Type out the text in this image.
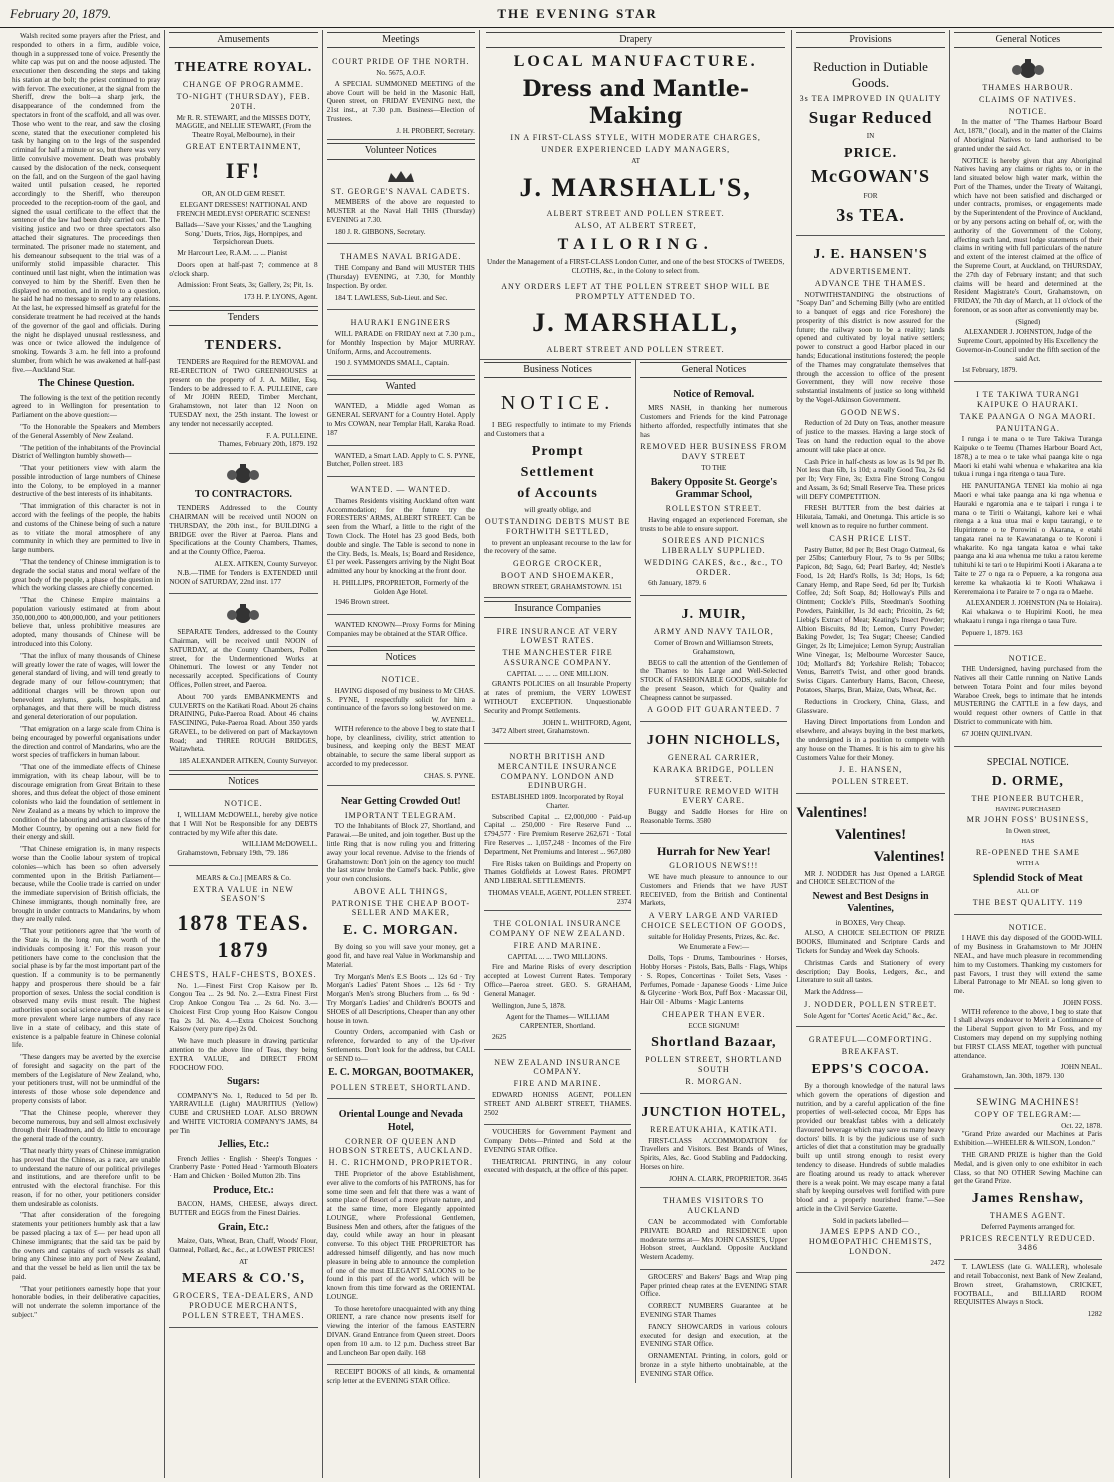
February 20, 1879.	THE EVENING STAR

Walsh recited some prayers after the Priest, and responded to others in a firm, audible voice, though in a suppressed tone of voice. Presently the white cap was put on and the noose adjusted. The executioner then descending the steps and taking his station at the bolt; the priest continued to pray with fervor. The executioner, at the signal from the Sheriff, drew the bolt—a sharp jerk, the disappearance of the condemned from the spectators in front of the scaffold, and all was over. Those who went to the rear, and saw the closing scene, stated that the executioner completed his task by hanging on to the legs of the suspended criminal for half a minute or so, but there was very little convulsive movement. Death was probably caused by the dislocation of the neck, consequent on the fall, and on the Surgeon of the gaol having waited until pulsation ceased, he reported accordingly to the Sheriff, who thereupon proceeded to the reception-room of the gaol, and signed the usual certificate to the effect that the sentence of the law had been duly carried out. The visiting justice and two or three spectators also attached their signatures. The proceedings then terminated. The prisoner made no statement, and his demeanour subsequent to the trial was of a uniformly stolid impassible character. This continued until last night, when the intimation was conveyed to him by the Sheriff. Even then he displayed no emotion, and in reply to a question, he said he had no message to send to any relations. At the last, he expressed himself as grateful for the considerate treatment he had received at the hands of the governor of the gaol and officials. During the night he displayed unusual restlessness, and was once or twice allowed the indulgence of smoking. Towards 3 a.m. he fell into a profound slumber, from which he was awakened at half-past five.—Auckland Star.

The Chinese Question.

The following is the text of the petition recently agreed to in Wellington for presentation to Parliament on the above question:—

"To the Honorable the Speakers and Members of the General Assembly of New Zealand.

"The petition of the inhabitants of the Provincial District of Wellington humbly showeth—

"That your petitioners view with alarm the possible introduction of large numbers of Chinese into the Colony, to be employed in a manner destructive of the best interests of its inhabitants.

"That immigration of this character is not in accord with the feelings of the people, the habits and customs of the Chinese being of such a nature as to vitiate the moral atmosphere of any community in which they are permitted to live in large numbers.

"That the tendency of Chinese immigration is to degrade the social status and moral welfare of the great body of the people, a phase of the question in which the working classes are chiefly concerned.

"That the Chinese Empire maintains a population variously estimated at from about 350,000,000 to 400,000,000, and your petitioners believe that, unless prohibitive measures are adopted, many thousands of Chinese will be introduced into this Colony.

"That the influx of many thousands of Chinese will greatly lower the rate of wages, will lower the general standard of living, and will tend greatly to degrade many of our fellow-countrymen; that additional charges will be thrown upon our benevolent asylums, gaols, hospitals, and orphanages, and that there will be much distress and general deterioration of our population.

"That emigration on a large scale from China is being encouraged by powerful organisations under the direction and control of Mandarins, who are the worst species of traffickers in human labour.

"That one of the immediate effects of Chinese immigration, with its cheap labour, will be to discourage emigration from Great Britain to these shores, and thus defeat the object of those eminent colonists who laid the foundation of settlement in New Zealand as a means by which to improve the condition of the labouring and artisan classes of the Mother Country, by opening out a new field for their energy and skill.

"That Chinese emigration is, in many respects worse than the Coolie labour system of tropical colonies—which has been so often adversely commented upon in the British Parliament—because, while the Coolie trade is carried on under the immediate supervision of British officials, the Chinese immigrants, though nominally free, are brought in under contracts to Mandarins, by whom they are really ruled.

"That your petitioners agree that 'the worth of the State is, in the long run, the worth of the individuals composing it.' For this reason your petitioners have come to the conclusion that the social phase is by far the most important part of the question. If a community is to be permanently happy and prosperous there should be a fair proportion of sexes. Unless the social condition is observed many evils must result. The highest authorities upon social science agree that disease is more prevalent where large numbers of any race live in a state of celibacy, and this state of existence is a palpable feature in Chinese colonial life.

"These dangers may be averted by the exercise of foresight and sagacity on the part of the members of the Legislature of New Zealand, who, your petitioners trust, will not be unmindful of the interests of those whose sole dependence and property consists of labor.

"That the Chinese people, wherever they become numerous, buy and sell almost exclusively through their Headmen, and do little to encourage the general trade of the country.

"That nearly thirty years of Chinese immigration has proved that the Chinese, as a race, are unable to understand the nature of our political privileges and institutions, and are therefore unfit to be entrusted with the electoral franchise. For this reason, if for no other, your petitioners consider them undesirable as colonists.

"That after consideration of the foregoing statements your petitioners humbly ask that a law be passed placing a tax of £— per head upon all Chinese immigrants; that the said tax be paid by the owners and captains of such vessels as shall bring any Chinese into any port of New Zealand, and that the vessel be held as lien until the tax be paid.

"That your petitioners earnestly hope that your honorable bodies, in their deliberative capacities, will not underrate the solemn importance of the subject."

Amusements
THEATRE ROYAL.
CHANGE OF PROGRAMME.
TO-NIGHT (THURSDAY), FEB. 20TH.
Mr R. R. STEWART, and the MISSES DOTY, MAGGIE, and NELLIE STEWART, (From the Theatre Royal, Melbourne), in their
GREAT ENTERTAINMENT,
IF!
OR, AN OLD GEM RESET.
ELEGANT DRESSES! NATTIONAL AND FRENCH MEDLEYS! OPERATIC SCENES!
Ballads—'Save your Kisses,' and the 'Laughing Song.' Duets, Trios, Jigs, Hornpipes, and Terpsichorean Duets.
Mr Harcourt Lee, R.A.M. ... ... Pianist
Doors open at half-past 7; commence at 8 o'clock sharp.
Admission: Front Seats, 3s; Gallery, 2s; Pit, 1s.
173 H. P. LYONS, Agent.
Tenders
TENDERS.

TENDERS are Required for the REMOVAL and RE-ERECTION of TWO GREENHOUSES at present on the property of J. A. Miller, Esq. Tenders to be addressed to F. A. PULLEINE, care of Mr JOHN REED, Timber Merchant, Grahamstown, not later than 12 Noon on TUESDAY next, the 25th instant. The lowest or any tender not necessarily accepted.

F. A. PULLEINE.
Thames, February 20th, 1879. 192
TO CONTRACTORS.

TENDERS Addressed to the County CHAIRMAN will be received until NOON on THURSDAY, the 20th inst., for BUILDING a BRIDGE over the River at Paeroa. Plans and Specifications at the County Chambers, Thames, and at the County Office, Paeroa.

ALEX. AITKEN, County Surveyor.

N.B.—TIME for Tenders is EXTENDED until NOON of SATURDAY, 22nd inst. 177

SEPARATE Tenders, addressed to the County Chairman, will be received until NOON of SATURDAY, at the County Chambers, Pollen street, for the Undermentioned Works at Ohinemuri. The lowest or any Tender not necessarily accepted. Specifications of County Offices, Pollen street, and Paeroa.

About 700 yards EMBANKMENTS and CULVERTS on the Katikati Road. About 26 chains DRAINING, Puke-Paeroa Road. About 46 chains FASCINING, Puke-Paeroa Road. About 350 yards GRAVEL, to be delivered on part of Mackaytown Road; and THREE ROUGH BRIDGES, Waitawheta.

185 ALEXANDER AITKEN, County Surveyor.
Notices
NOTICE.

I, WILLIAM McDOWELL, hereby give notice that I Will Not be Responsible for any DEBTS contracted by my Wife after this date.

WILLIAM McDOWELL.
Grahamstown, February 19th, '79. 186
MEARS & Co.] [MEARS & Co.
EXTRA VALUE in NEW SEASON'S
1878 TEAS. 1879
CHESTS, HALF-CHESTS, BOXES.

No. 1.—Finest First Crop Kaisow per lb. Congou Tea ... 2s 9d. No. 2.—Extra Finest First Crop Ankoe Congou Tea ... 2s 6d. No. 3.—Choicest First Crop young Hoo Kaisow Congou Tea 2s 3d. No. 4.—Extra Choicest Souchong Kaisow (very pure ripe) 2s 0d.

We have much pleasure in drawing particular attention to the above line of Teas, they being EXTRA VALUE, and DIRECT FROM FOOCHOW FOO.

Sugars:

COMPANY'S No. 1, Reduced to 5d per lb. YARRAVILLE (Light) MAURITIUS (Yellow) CUBE and CRUSHED LOAF. ALSO BROWN and WHITE VICTORIA COMPANY'S JAMS, 84 per Tin

Jellies, Etc.:

French Jellies · English · Sheep's Tongues · Cranberry Paste · Potted Head · Yarmouth Bloaters · Ham and Chicken · Boiled Mutton 2lb. Tins

Produce, Etc.:

BACON, HAMS, CHEESE, always direct. BUTTER and EGGS from the Finest Dairies.

Grain, Etc.:

Maize, Oats, Wheat, Bran, Chaff, Woods' Flour, Oatmeal, Pollard, &c., &c., at LOWEST PRICES!

AT
MEARS & CO.'S,
GROCERS, TEA-DEALERS, AND PRODUCE MERCHANTS, POLLEN STREET, THAMES.
Meetings
COURT PRIDE OF THE NORTH.
No. 5675, A.O.F.

A SPECIAL SUMMONED MEETING of the above Court will be held in the Masonic Hall, Queen street, on FRIDAY EVENING next, the 21st inst., at 7.30 p.m. Business—Election of Trustees.

J. H. PROBERT, Secretary.
Volunteer Notices
ST. GEORGE'S NAVAL CADETS.

MEMBERS of the above are requested to MUSTER at the Naval Hall THIS (Thursday) EVENING at 7.30.

180 J. R. GIBBONS, Secretary.
THAMES NAVAL BRIGADE.

THE Company and Band will MUSTER THIS (Thursday) EVENING, at 7.30, for Monthly Inspection. By order.

184 T. LAWLESS, Sub-Lieut. and Sec.
HAURAKI ENGINEERS

WILL PARADE on FRIDAY next at 7.30 p.m., for Monthly Inspection by Major MURRAY. Uniform, Arms, and Accoutrements.

190 J. SYMMONDS SMALL, Captain.
Wanted

WANTED, a Middle aged Woman as GENERAL SERVANT for a Country Hotel. Apply to Mrs COWAN, near Templar Hall, Karaka Road. 187

WANTED, a Smart LAD. Apply to C. S. PYNE, Butcher, Pollen street. 183

WANTED. — WANTED.

Thames Residents visiting Auckland often want Accommodation; for the future try the FORESTERS' ARMS, ALBERT STREET. Can be seen from the Wharf, a little to the right of the Town Clock. The Hotel has 23 good Beds, both double and single. The Table is second to none in the City. Beds, 1s. Meals, 1s; Board and Residence, £1 per week. Passengers arriving by the Night Boat admitted any hour by knocking at the front door.

H. PHILLIPS, PROPRIETOR, Formerly of the Golden Age Hotel.
1946 Brown street.

WANTED KNOWN—Proxy Forms for Mining Companies may be obtained at the STAR Office.

Notices
NOTICE.

HAVING disposed of my business to Mr CHAS. S. PYNE, I respectfully solicit for him a continuance of the favors so long bestowed on me.

W. AVENELL.

WITH reference to the above I beg to state that I hope, by cleanliness, civility, strict attention to business, and keeping only the BEST MEAT obtainable, to secure the same liberal support as accorded to my predecessor.

CHAS. S. PYNE.
Near Getting Crowded Out!
IMPORTANT TELEGRAM.

TO the Inhabitants of Block 27, Shortland, and Parawai.—Be united, and join together. Bust up the little Ring that is now ruling you and frittering away your local revenue. Advise to the friends of Grahamstown: Don't join on the agency too much! the last straw broke the Camel's back. Public, give your own conclusions.

ABOVE ALL THINGS,
PATRONISE THE CHEAP BOOT-SELLER AND MAKER,
E. C. MORGAN.

By doing so you will save your money, get a good fit, and have real Value in Workmanship and Material.

Try Morgan's Men's E.S Boots ... 12s 6d · Try Morgan's Ladies' Patent Shoes ... 12s 6d · Try Morgan's Men's strong Bluchers from ... 6s 9d · Try Morgan's Ladies' and Children's BOOTS and SHOES of all Descriptions, Cheaper than any other house in town.

Country Orders, accompanied with Cash or reference, forwarded to any of the Up-river Settlements. Don't look for the address, but CALL or SEND to—

E. C. MORGAN, BOOTMAKER,
POLLEN STREET, SHORTLAND.
Oriental Lounge and Nevada Hotel,
CORNER OF QUEEN AND HOBSON STREETS, AUCKLAND.
H. C. RICHMOND, PROPRIETOR.

THE Proprietor of the above Establishment, ever alive to the comforts of his PATRONS, has for some time seen and felt that there was a want of some place of Resort of a more private nature, and at the same time, more Elegantly appointed LOUNGE, where Professional Gentlemen, Business Men and others, after the fatigues of the day, could while away an hour in pleasant converse. To this object THE PROPRIETOR has addressed himself diligently, and has now much pleasure in being able to announce the completion of one of the most ELEGANT SALOONS to be found in this part of the world, which will be known from this time forward as the ORIENTAL LOUNGE.

To those heretofore unacquainted with any thing ORIENT, a rare chance now presents itself for viewing the interior of the famous EASTERN DIVAN. Grand Entrance from Queen street. Doors open from 10 a.m. to 12 p.m. Duchess street Bar and Luncheon Bar open daily. 168

RECEIPT BOOKS of all kinds, & ornamental scrip letter at the EVENING STAR Office.

Drapery
LOCAL MANUFACTURE.
Dress and Mantle-Making
IN A FIRST-CLASS STYLE, WITH MODERATE CHARGES,
UNDER EXPERIENCED LADY MANAGERS,
AT
J. MARSHALL'S,
ALBERT STREET AND POLLEN STREET.
ALSO, AT ALBERT STREET,
TAILORING.
Under the Management of a FIRST-CLASS London Cutter, and one of the best STOCKS of TWEEDS, CLOTHS, &c., in the Colony to select from.
ANY ORDERS LEFT AT THE POLLEN STREET SHOP WILL BE PROMPTLY ATTENDED TO.
J. MARSHALL,
ALBERT STREET AND POLLEN STREET.
Business Notices
NOTICE.

I BEG respectfully to intimate to my Friends and Customers that a

Prompt
Settlement
of Accounts
will greatly oblige, and
OUTSTANDING DEBTS MUST BE FORTHWITH SETTLED,

to prevent an unpleasant recourse to the law for the recovery of the same.

GEORGE CROCKER,
BOOT AND SHOEMAKER,
BROWN STREET, GRAHAMSTOWN. 151
Insurance Companies
FIRE INSURANCE AT VERY LOWEST RATES.
THE MANCHESTER FIRE ASSURANCE COMPANY.
CAPITAL ... ... ... ONE MILLION.

GRANTS POLICIES on all Insurable Property at rates of premium, the VERY LOWEST WITHOUT EXCEPTION. Unquestionable Security and Prompt Settlements.

JOHN L. WHITFORD, Agent,
3472 Albert street, Grahamstown.
NORTH BRITISH AND MERCANTILE INSURANCE COMPANY. LONDON AND EDINBURGH.
ESTABLISHED 1809. Incorporated by Royal Charter.

Subscribed Capital ... £2,000,000 · Paid-up Capital ... 250,000 · Fire Reserve Fund ... £794,577 · Fire Premium Reserve 262,671 · Total Fire Reserves ... 1,057,248 · Incomes of the Fire Department, Net Premiums and Interest ... 967,080

Fire Risks taken on Buildings and Property on Thames Goldfields at Lowest Rates. PROMPT AND LIBERAL SETTLEMENTS.

THOMAS VEALE, AGENT, POLLEN STREET. 2374
THE COLONIAL INSURANCE COMPANY OF NEW ZEALAND.
FIRE AND MARINE.
CAPITAL ... ... TWO MILLIONS.

Fire and Marine Risks of every description accepted at Lowest Current Rates. Temporary Office—Paeroa street. GEO. S. GRAHAM, General Manager.

Wellington, June 5, 1878.
Agent for the Thames— WILLIAM CARPENTER, Shortland.
2625
NEW ZEALAND INSURANCE COMPANY.
FIRE AND MARINE.

EDWARD HONISS AGENT, POLLEN STREET AND ALBERT STREET, THAMES. 2502

VOUCHERS for Government Payment and Company Debts—Printed and Sold at the EVENING STAR Office.

THEATRICAL PRINTING, in any colour executed with despatch, at the office of this paper.

General Notices
Notice of Removal.

MRS NASH, in thanking her numerous Customers and Friends for the kind Patronage hitherto afforded, respectfully intimates that she has

REMOVED HER BUSINESS FROM DAVY STREET
TO THE
Bakery Opposite St. George's Grammar School,
ROLLESTON STREET.

Having engaged an experienced Foreman, she trusts to be able to ensure support.

SOIREES AND PICNICS LIBERALLY SUPPLIED.
WEDDING CAKES, &c., &c., TO ORDER.
6th January, 1879. 6
J. MUIR,
ARMY AND NAVY TAILOR,
Corner of Brown and Williamson Streets, Grahamstown,

BEGS to call the attention of the Gentlemen of the Thames to his Large and Well-Selected STOCK of FASHIONABLE GOODS, suitable for the present Season, which for Quality and Cheapness cannot be surpassed.

A GOOD FIT GUARANTEED. 7
JOHN NICHOLLS,
GENERAL CARRIER,
KARAKA BRIDGE, POLLEN STREET.
FURNITURE REMOVED WITH EVERY CARE.

Buggy and Saddle Horses for Hire on Reasonable Terms. 3580

Hurrah for New Year!
GLORIOUS NEWS!!!

WE have much pleasure to announce to our Customers and Friends that we have JUST RECEIVED, from the British and Continental Markets,

A VERY LARGE AND VARIED CHOICE SELECTION OF GOODS,
suitable for Holiday Presents, Prizes, &c. &c.
We Enumerate a Few:—

Dolls, Tops · Drums, Tambourines · Horses, Hobby Horses · Pistols, Bats, Balls · Flags, Whips · S. Ropes, Concertinas · Toilet Sets, Vases · Perfumes, Pomade · Japanese Goods · Lime Juice & Glycerine · Work Box, Puff Box · Macassar Oil, Hair Oil · Albums · Magic Lanterns

CHEAPER THAN EVER.
ECCE SIGNUM!
Shortland Bazaar,
POLLEN STREET, SHORTLAND SOUTH
R. MORGAN.
JUNCTION HOTEL,
REREATUKAHIA, KATIKATI.

FIRST-CLASS ACCOMMODATION for Travellers and Visitors. Best Brands of Wines, Spirits, Ales, &c. Good Stabling and Paddocking. Horses on hire.

JOHN A. CLARK, PROPRIETOR. 3645
THAMES VISITORS TO AUCKLAND

CAN be accommodated with Comfortable PRIVATE BOARD and RESIDENCE upon moderate terms at— Mrs JOHN CASSIE'S, Upper Hobson street, Auckland. Opposite Auckland Western Academy.

GROCERS' and Bakers' Bags and Wrap ping Paper printed cheap rates at the EVENING STAR Office.

CORRECT NUMBERS Guarantee at he EVENING STAR Thames

FANCY SHOWCARDS in various colours executed for design and execution, at the EVENING STAR Office.

ORNAMENTAL Printing, in colors, gold or bronze in a style hitherto unobtainable, at the EVENING STAR Office.

Provisions
Reduction in Dutiable Goods.
3s TEA IMPROVED IN QUALITY
Sugar Reduced
IN
PRICE.
McGOWAN'S
FOR
3s TEA.
J. E. HANSEN'S
ADVERTISEMENT.
ADVANCE THE THAMES.

NOTWITHSTANDING the obstructions of "Soapy Dan" and Scheming Billy (who are entitled to a banquet of eggs and rice Foreshore) the prosperity of this district is now assured for the future; the railway soon to be a reality; lands opened and cultivated by loyal native settlers; power to construct a good Harbor placed in our hands; Educational institutions fostered; the people of the Thames may congratulate themselves that through the accession to office of the present Government, they will now receive those substantial instalments of justice so long withheld by the Vogel-Atkinson Government.

GOOD NEWS.

Reduction of 2d Duty on Teas, another measure of justice to the masses. Having a large stock of Teas on hand the reduction equal to the above amount will take place at once.

Cash Price in half-chests as low as 1s 9d per lb. Not less than 6lb, 1s 10d; a really Good Tea, 2s 6d per lb; Very Fine, 3s; Extra Fine Strong Congou and Assam, 3s 6d; Small Reserve Tea. These prices will DEFY COMPETITION.

FRESH BUTTER from the best dairies at Hikutaia, Tamaki, and Onetunga. This article is so well known as to require no further comment.

CASH PRICE LIST.

Pastry Butter, 8d per lb; Best Otago Oatmeal, 6s per 25lbs; Canterbury Flour, 7s to 9s per 50lbs; Papicon, 8d; Sago, 6d; Pearl Barley, 4d; Nestle's Food, 1s 2d; Hard's Rolls, 1s 3d; Hops, 1s 6d; Canary Hemp, and Rape Seed, 6d per lb; Turkish Coffee, 2d; Soft Soap, 8d; Holloway's Pills and Ointment; Cockle's Pills, Steedman's Soothing Powders, Painkiller, 1s 3d each; Pricoitin, 2s 6d; Liebig's Extract of Meat; Keating's Insect Powder; Albion Biscuits, 8d lb; Lemon, Curry Powder; Baking Powder, 1s; Tea Sugar; Cheese; Candied Ginger, 2s lb; Limejuice; Lemon Syrup; Australian Wine Vinegar, 1s; Melbourne Worcester Sauce, 10d; Mollard's 8d; Yorkshire Relish; Tobacco; Venus, Barrett's Twist, and other good brands. Swiss Cigars. Canterbury Hams, Bacon, Cheese, Potatoes, Sharps, Bran, Maize, Oats, Wheat, &c.

Reductions in Crockery, China, Glass, and Glassware.

Having Direct Importations from London and elsewhere, and always buying in the best markets, the undersigned is in a position to compete with any house on the Thames. It is his aim to give his Customers Value for their Money.

J. E. HANSEN,
POLLEN STREET.
Valentines!
Valentines!
Valentines!

MR J. NODDER has Just Opened a LARGE and CHOICE SELECTION of the

Newest and Best Designs in Valentines,
in BOXES, Very Cheap.

ALSO, A CHOICE SELECTION OF PRIZE BOOKS, Illuminated and Scripture Cards and Tickets for Sunday and Week day Schools.

Christmas Cards and Stationery of every description; Day Books, Ledgers, &c., and Literature to suit all tastes.

Mark the Address—
J. NODDER, POLLEN STREET.
Sole Agent for "Cortes' Acetic Acid," &c., &c.
GRATEFUL—COMFORTING.
BREAKFAST.
EPPS'S COCOA.

By a thorough knowledge of the natural laws which govern the operations of digestion and nutrition, and by a careful application of the fine properties of well-selected cocoa, Mr Epps has provided our breakfast tables with a delicately flavoured beverage which may save us many heavy doctors' bills. It is by the judicious use of such articles of diet that a constitution may be gradually built up until strong enough to resist every tendency to disease. Hundreds of subtle maladies are floating around us ready to attack wherever there is a weak point. We may escape many a fatal shaft by keeping ourselves well fortified with pure blood and a properly nourished frame."—See article in the Civil Service Gazette.

Sold in packets labelled—
JAMES EPPS AND CO., HOMŒOPATHIC CHEMISTS, LONDON.
2472
General Notices
THAMES HARBOUR.
CLAIMS OF NATIVES.
NOTICE.

In the matter of "The Thames Harbour Board Act, 1878," (local), and in the matter of the Claims of Aboriginal Natives to land authorised to be granted under the said Act.

NOTICE is hereby given that any Aboriginal Natives having any claims or rights to, or in the land situated below high water mark, within the Port of the Thames, under the Treaty of Waitangi, which have not been satisfied and discharged or under contracts, promises, or engagements made by the Superintendent of the Province of Auckland, or by any persons acting on behalf of, or, with the authority of the Government of the Colony, affecting such land, must lodge statements of their claims in writing with full particulars of the nature and extent of the interest claimed at the office of the Supreme Court, at Auckland, on THURSDAY, the 27th day of February instant; and that such claims will be heard and determined at the Resident Magistrate's Court, Grahamstown, on FRIDAY, the 7th day of March, at 11 o'clock of the forenoon, or as soon after as conveniently may be.

(Signed)
ALEXANDER J. JOHNSTON, Judge of the Supreme Court, appointed by His Excellency the Governor-in-Council under the fifth section of the said Act.
1st February, 1879.
I TE TAKIWA TURANGI KAIPUKE O HAURAKI.
TAKE PAANGA O NGA MAORI.
PANUITANGA.

I runga i te mana o te Ture Takiwa Turanga Kaipuke o te Teemu (Thames Harbour Board Act, 1878,) a te mea o te take whai paanga kite o nga Maori ki etahi wahi whenua e whakaritea ana kia tukua i runga i nga ritenga o taua Ture.

HE PANUITANGA TENEI kia mohio ai nga Maori e whai take paanga ana ki nga whenua e Hauraki e ngaromia ana e te taipari i runga i te mana o te Tiriti o Waitangi, kahore kei e whai ritenga a a kua utua mai e kupu taurangi, e te Hupirintene o te Porowini o Akarana, e etahi tangata ranei na te Kawanatanga o te Koroni i whakarite. Ko nga tangata katoa e whai take paanga ana ki aua whenua me tuku a ratou kereme tuhituhi ki te tari o te Hupirimi Kooti i Akarana a te Taite te 27 o nga ra o Pepuere, a ka rongona aua kereme ka whakaotia ki te Kooti Whakawa i Kereremaiona i te Paraire te 7 o nga ra o Maehe.

ALEXANDER J. JOHNSTON (Na te Hoiaira).

Kai whakawa o te Hupirimi Kooti, he mea whakaatu i runga i nga ritenga o taua Ture.

Pepuere 1, 1879. 163
NOTICE.

THE Undersigned, having purchased from the Natives all their Cattle running on Native Lands between Totara Point and four miles beyond Waraboe Creek, begs to intimate that he intends MUSTERING the CATTLE in a few days, and would request other owners of Cattle in that District to communicate with him.

67 JOHN QUINLIVAN.
SPECIAL NOTICE.
D. ORME,
THE PIONEER BUTCHER,
HAVING PURCHASED
MR JOHN FOSS' BUSINESS,
In Owen street,
HAS
RE-OPENED THE SAME
WITH A
Splendid Stock of Meat
ALL OF
THE BEST QUALITY. 119
NOTICE.

I HAVE this day disposed of the GOOD-WILL of my Business in Grahamstown to Mr JOHN NEAL, and have much pleasure in recommending him to my Customers. Thanking my customers for past Favors, I trust they will extend the same Liberal Patronage to Mr NEAL so long given to me.

JOHN FOSS.

WITH reference to the above, I beg to state that I shall always endeavor to Merit a Continuance of the Liberal Support given to Mr Foss, and my Customers may depend on my supplying nothing but FIRST CLASS MEAT, together with punctual attendance.

JOHN NEAL.
Grahamstown, Jan. 30th, 1879. 130
SEWING MACHINES!
COPY OF TELEGRAM:—
Oct. 22, 1878.

"Grand Prize awarded our Machines at Paris Exhibition.—WHEELER & WILSON, London."

THE GRAND PRIZE is higher than the Gold Medal, and is given only to one exhibitor in each Class, so that NO OTHER Sewing Machine can get the Grand Prize.

James Renshaw,
THAMES AGENT.
Deferred Payments arranged for.
PRICES RECENTLY REDUCED. 3486

T. LAWLESS (late G. WALLER), wholesale and retail Tobacconist, next Bank of New Zealand, Brown street, Grahamstown, CRICKET, FOOTBALL, and BILLIARD ROOM REQUISITES Always n Stock.

1282
